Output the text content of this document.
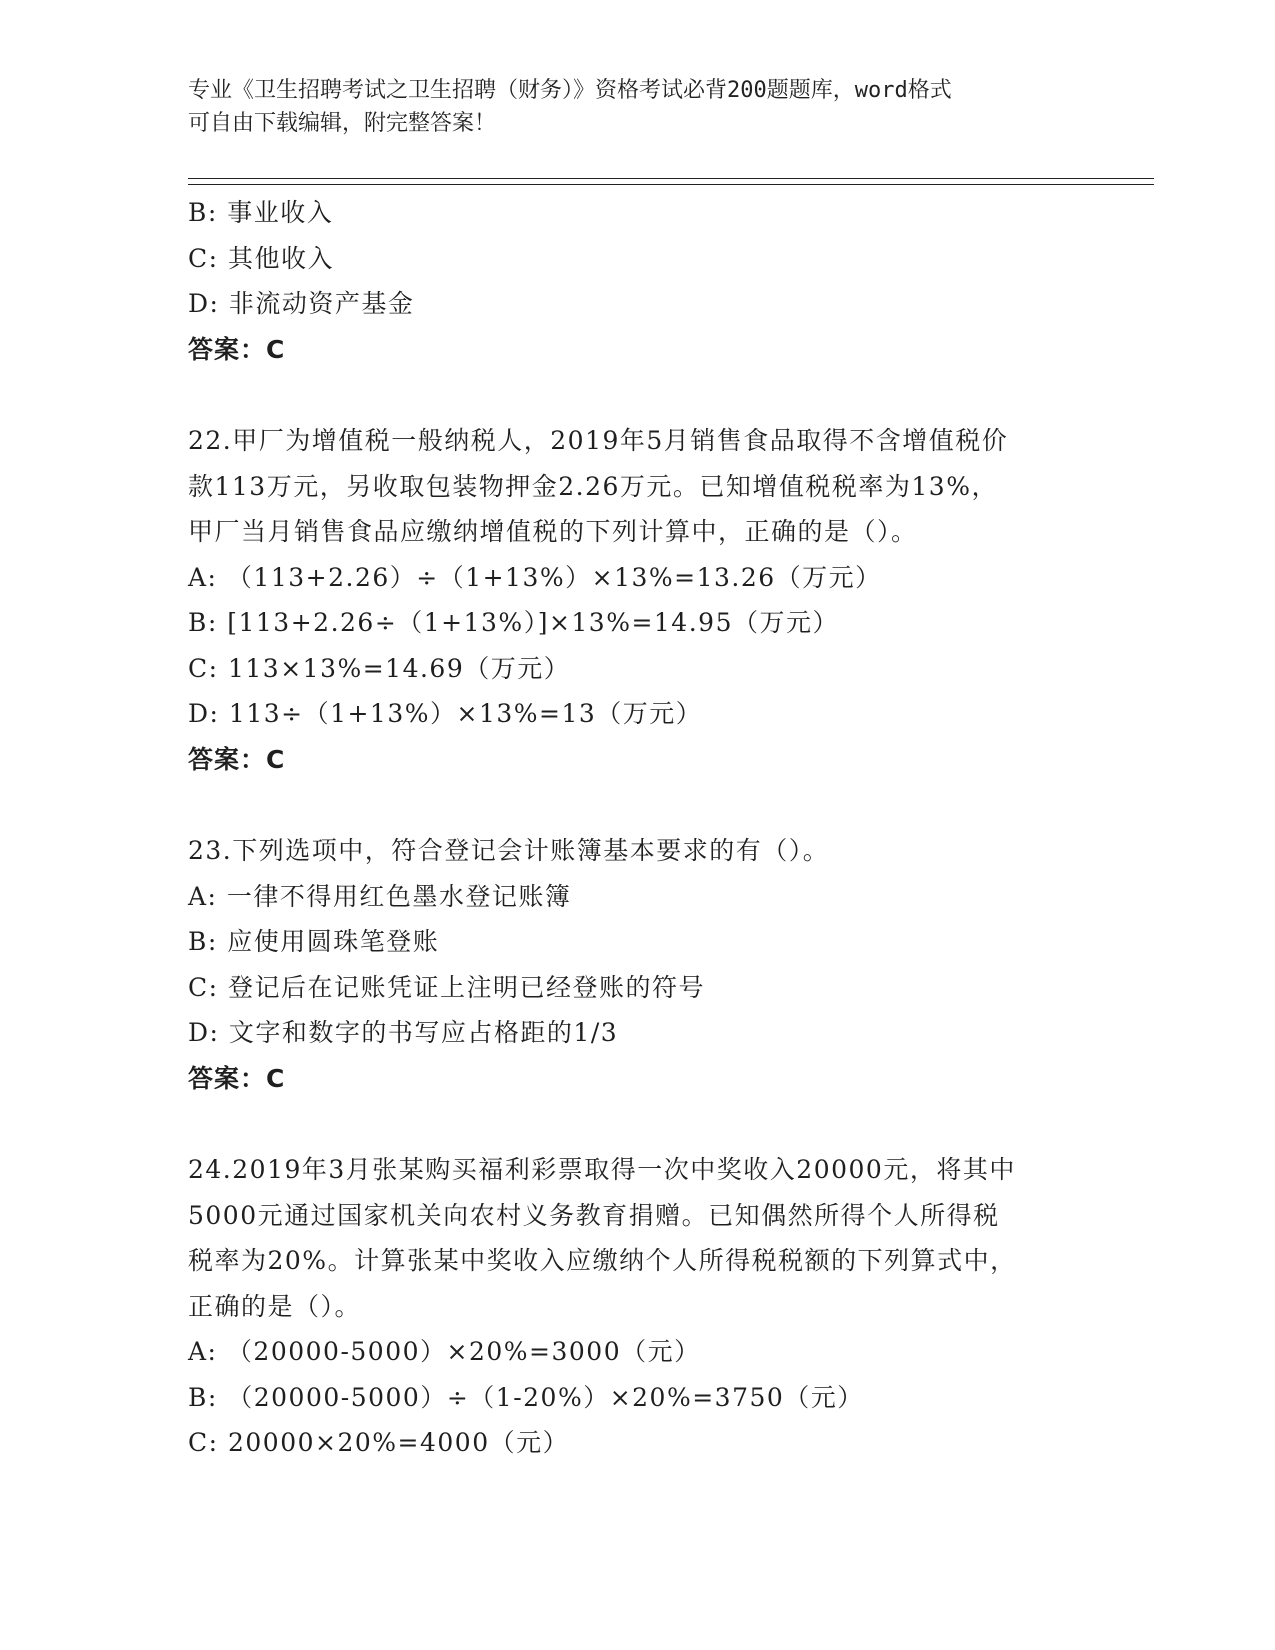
专业《卫生招聘考试之卫生招聘（财务）》资格考试必背200题题库，word格式

可自由下载编辑，附完整答案！

B: 事业收入
C: 其他收入
D: 非流动资产基金
答案：C
22.甲厂为增值税一般纳税人，2019年5月销售食品取得不含增值税价
款113万元，另收取包装物押金2.26万元。已知增值税税率为13%，
甲厂当月销售食品应缴纳增值税的下列计算中，正确的是（）。
A: （113+2.26）÷（1+13%）×13%=13.26（万元）
B: [113+2.26÷（1+13%）]×13%=14.95（万元）
C: 113×13%=14.69（万元）
D: 113÷（1+13%）×13%=13（万元）
答案：C
23.下列选项中，符合登记会计账簿基本要求的有（）。
A: 一律不得用红色墨水登记账簿
B: 应使用圆珠笔登账
C: 登记后在记账凭证上注明已经登账的符号
D: 文字和数字的书写应占格距的1/3
答案：C
24.2019年3月张某购买福利彩票取得一次中奖收入20000元，将其中
5000元通过国家机关向农村义务教育捐赠。已知偶然所得个人所得税
税率为20%。计算张某中奖收入应缴纳个人所得税税额的下列算式中，
正确的是（）。
A: （20000-5000）×20%=3000（元）
B: （20000-5000）÷（1-20%）×20%=3750（元）
C: 20000×20%=4000（元）
